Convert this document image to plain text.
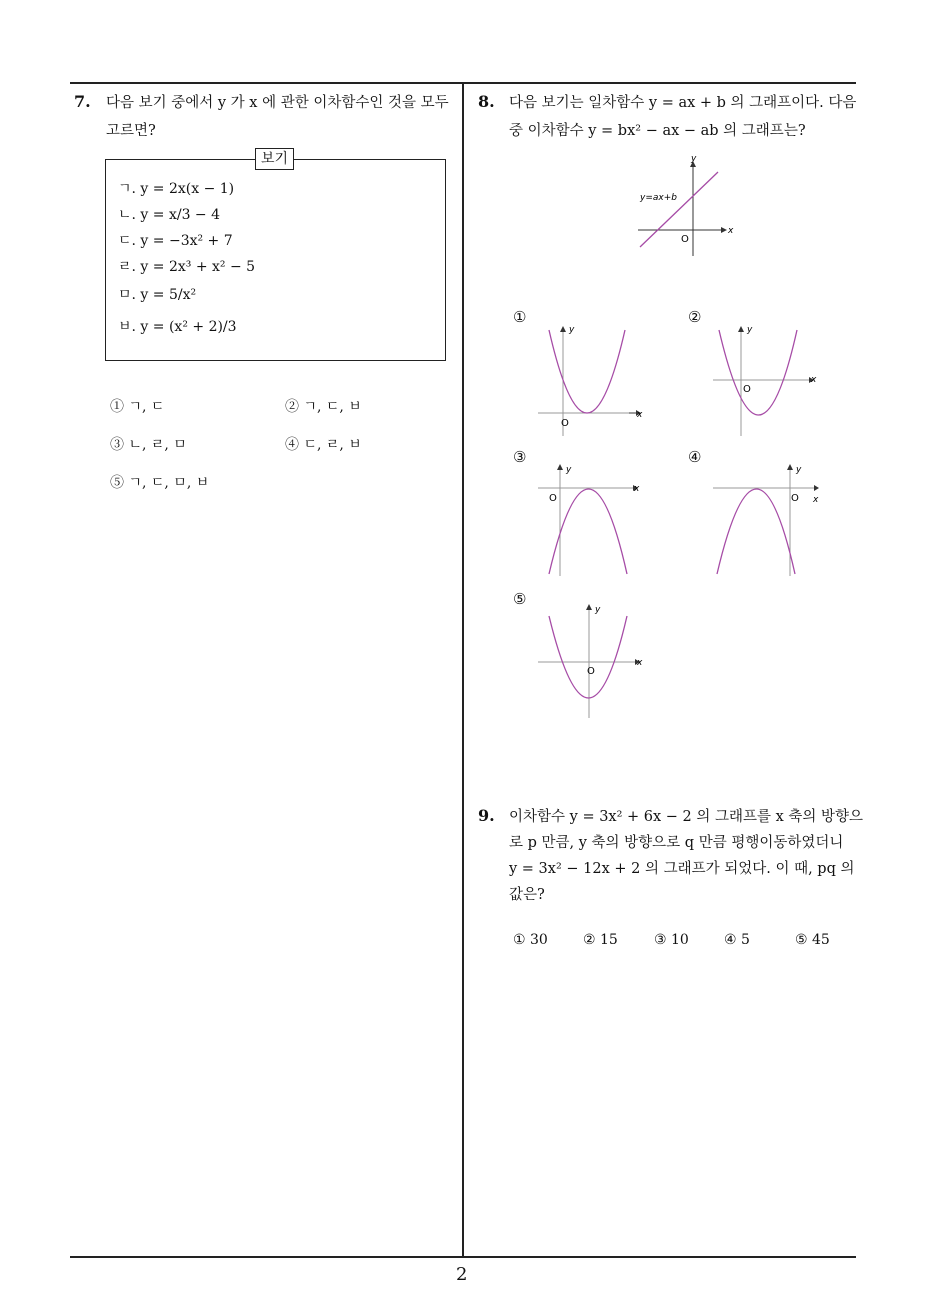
2
7. 다음 보기 중에서 y 가 x 에 관한 이차함수인 것을 모두
고르면?
보기
ㄱ. y = 2x(x − 1)
ㄴ. y = x/3 − 4
ㄷ. y = −3x² + 7
ㄹ. y = 2x³ + x² − 5
ㅁ. y = 5/x²
ㅂ. y = (x² + 2)/3
① ㄱ, ㄷ	② ㄱ, ㄷ, ㅂ
③ ㄴ, ㄹ, ㅁ	④ ㄷ, ㄹ, ㅂ
⑤ ㄱ, ㄷ, ㅁ, ㅂ
8. 다음 보기는 일차함수 y = ax + b 의 그래프이다. 다음
중 이차함수 y = bx² − ax − ab 의 그래프는?
y=ax+b
x
y
O
①	②
③	④
⑤
y
x
O
y
x
O
y
x
O
y
x
O
y
x
O
9. 이차함수 y = 3x² + 6x − 2 의 그래프를 x 축의 방향으
로 p 만큼, y 축의 방향으로 q 만큼 평행이동하였더니
y = 3x² − 12x + 2 의 그래프가 되었다. 이 때, pq 의
값은?
① 30	② 15	③ 10	④ 5	⑤ 45
